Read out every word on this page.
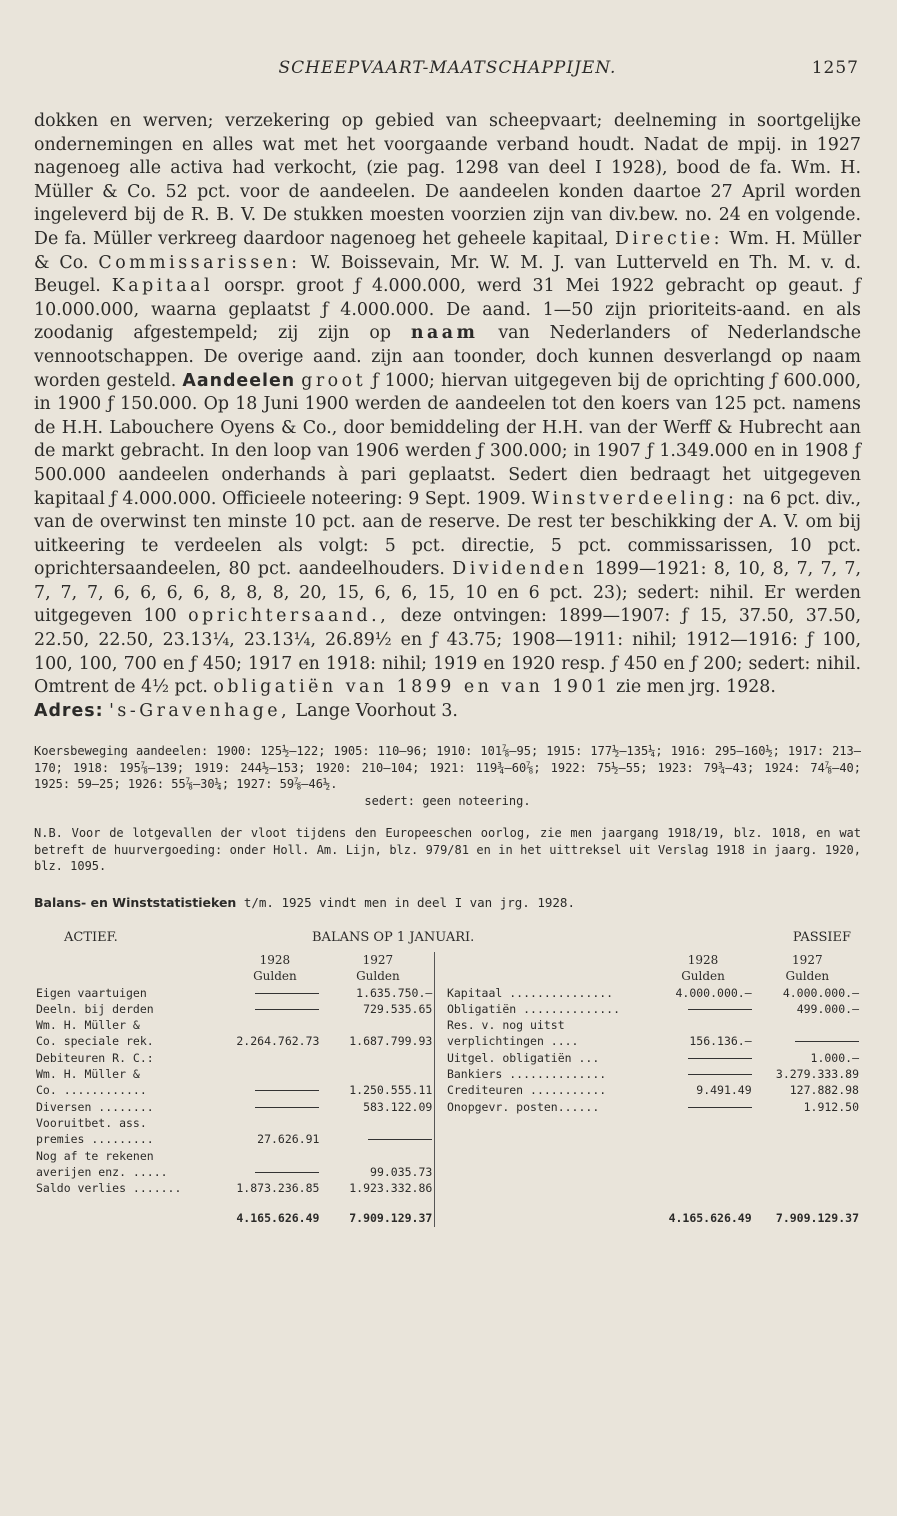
SCHEEPVAART-MAATSCHAPPIJEN.	1257

dokken en werven; verzekering op gebied van scheepvaart; deelneming in soortgelijke ondernemingen en alles wat met het voorgaande verband houdt. Nadat de mpij. in 1927 nagenoeg alle activa had verkocht, (zie pag. 1298 van deel I 1928), bood de fa. Wm. H. Müller & Co. 52 pct. voor de aandeelen. De aandeelen konden daartoe 27 April worden ingeleverd bij de R. B. V. De stukken moesten voorzien zijn van div.bew. no. 24 en volgende. De fa. Müller verkreeg daardoor nagenoeg het geheele kapitaal, Directie: Wm. H. Müller & Co. Commissarissen: W. Boissevain, Mr. W. M. J. van Lutterveld en Th. M. v. d. Beugel. Kapitaal oorspr. groot ƒ 4.000.000, werd 31 Mei 1922 gebracht op geaut. ƒ 10.000.000, waarna geplaatst ƒ 4.000.000. De aand. 1—50 zijn prioriteits-aand. en als zoodanig afgestempeld; zij zijn op naam van Nederlanders of Nederlandsche vennootschappen. De overige aand. zijn aan toonder, doch kunnen desverlangd op naam worden gesteld. Aandeelen groot ƒ 1000; hiervan uitgegeven bij de oprichting ƒ 600.000, in 1900 ƒ 150.000. Op 18 Juni 1900 werden de aandeelen tot den koers van 125 pct. namens de H.H. Labouchere Oyens & Co., door bemiddeling der H.H. van der Werff & Hubrecht aan de markt gebracht. In den loop van 1906 werden ƒ 300.000; in 1907 ƒ 1.349.000 en in 1908 ƒ 500.000 aandeelen onderhands à pari geplaatst. Sedert dien bedraagt het uitgegeven kapitaal ƒ 4.000.000. Officieele noteering: 9 Sept. 1909. Winstverdeeling: na 6 pct. div., van de overwinst ten minste 10 pct. aan de reserve. De rest ter beschikking der A. V. om bij uitkeering te verdeelen als volgt: 5 pct. directie, 5 pct. commissarissen, 10 pct. oprichtersaandeelen, 80 pct. aandeelhouders. Dividenden 1899—1921: 8, 10, 8, 7, 7, 7, 7, 7, 7, 6, 6, 6, 6, 8, 8, 8, 20, 15, 6, 6, 15, 10 en 6 pct. 23); sedert: nihil. Er werden uitgegeven 100 oprichtersaand., deze ontvingen: 1899—1907: ƒ 15, 37.50, 37.50, 22.50, 22.50, 23.13¼, 23.13¼, 26.89½ en ƒ 43.75; 1908—1911: nihil; 1912—1916: ƒ 100, 100, 100, 700 en ƒ 450; 1917 en 1918: nihil; 1919 en 1920 resp. ƒ 450 en ƒ 200; sedert: nihil. Omtrent de 4½ pct. obligatiën van 1899 en van 1901 zie men jrg. 1928.
Adres: 's-Gravenhage, Lange Voorhout 3.

Koersbeweging aandeelen: 1900: 125½—122; 1905: 110—96; 1910: 101⅞—95; 1915: 177½—135¼; 1916: 295—160½; 1917: 213—170; 1918: 195⅞—139; 1919: 244½—153; 1920: 210—104; 1921: 119¾—60⅞; 1922: 75½—55; 1923: 79¾—43; 1924: 74⅞—40; 1925: 59—25; 1926: 55⅞—30¼; 1927: 59⅞—46½.
sedert: geen noteering.
N.B. Voor de lotgevallen der vloot tijdens den Europeeschen oorlog, zie men jaargang 1918/19, blz. 1018, en wat betreft de huurvergoeding: onder Holl. Am. Lijn, blz. 979/81 en in het uittreksel uit Verslag 1918 in jaarg. 1920, blz. 1095.
Balans- en Winststatistieken t/m. 1925 vindt men in deel I van jrg. 1928.
ACTIEF.	BALANS OP 1 JANUARI.	PASSIEF
	1928	1927			1928	1927
	Gulden	Gulden			Gulden	Gulden
Eigen vaartuigen		1.635.750.—		Kapitaal ...............	4.000.000.—	4.000.000.—
Deeln. bij derden		729.535.65		Obligatiën ..............		499.000.—
Wm. H. Müller &				Res. v. nog uitst		
Co. speciale rek.	2.264.762.73	1.687.799.93		verplichtingen ....	156.136.—	
Debiteuren R. C.:				Uitgel. obligatiën ...		1.000.—
Wm. H. Müller &				Bankiers ..............		3.279.333.89
Co. ............		1.250.555.11		Crediteuren ...........	9.491.49	127.882.98
Diversen ........		583.122.09		Onopgevr. posten......		1.912.50
Vooruitbet. ass.						
premies .........	27.626.91					
Nog af te rekenen						
averijen enz. .....		99.035.73				
Saldo verlies .......	1.873.236.85	1.923.332.86				
	4.165.626.49	7.909.129.37			4.165.626.49	7.909.129.37
